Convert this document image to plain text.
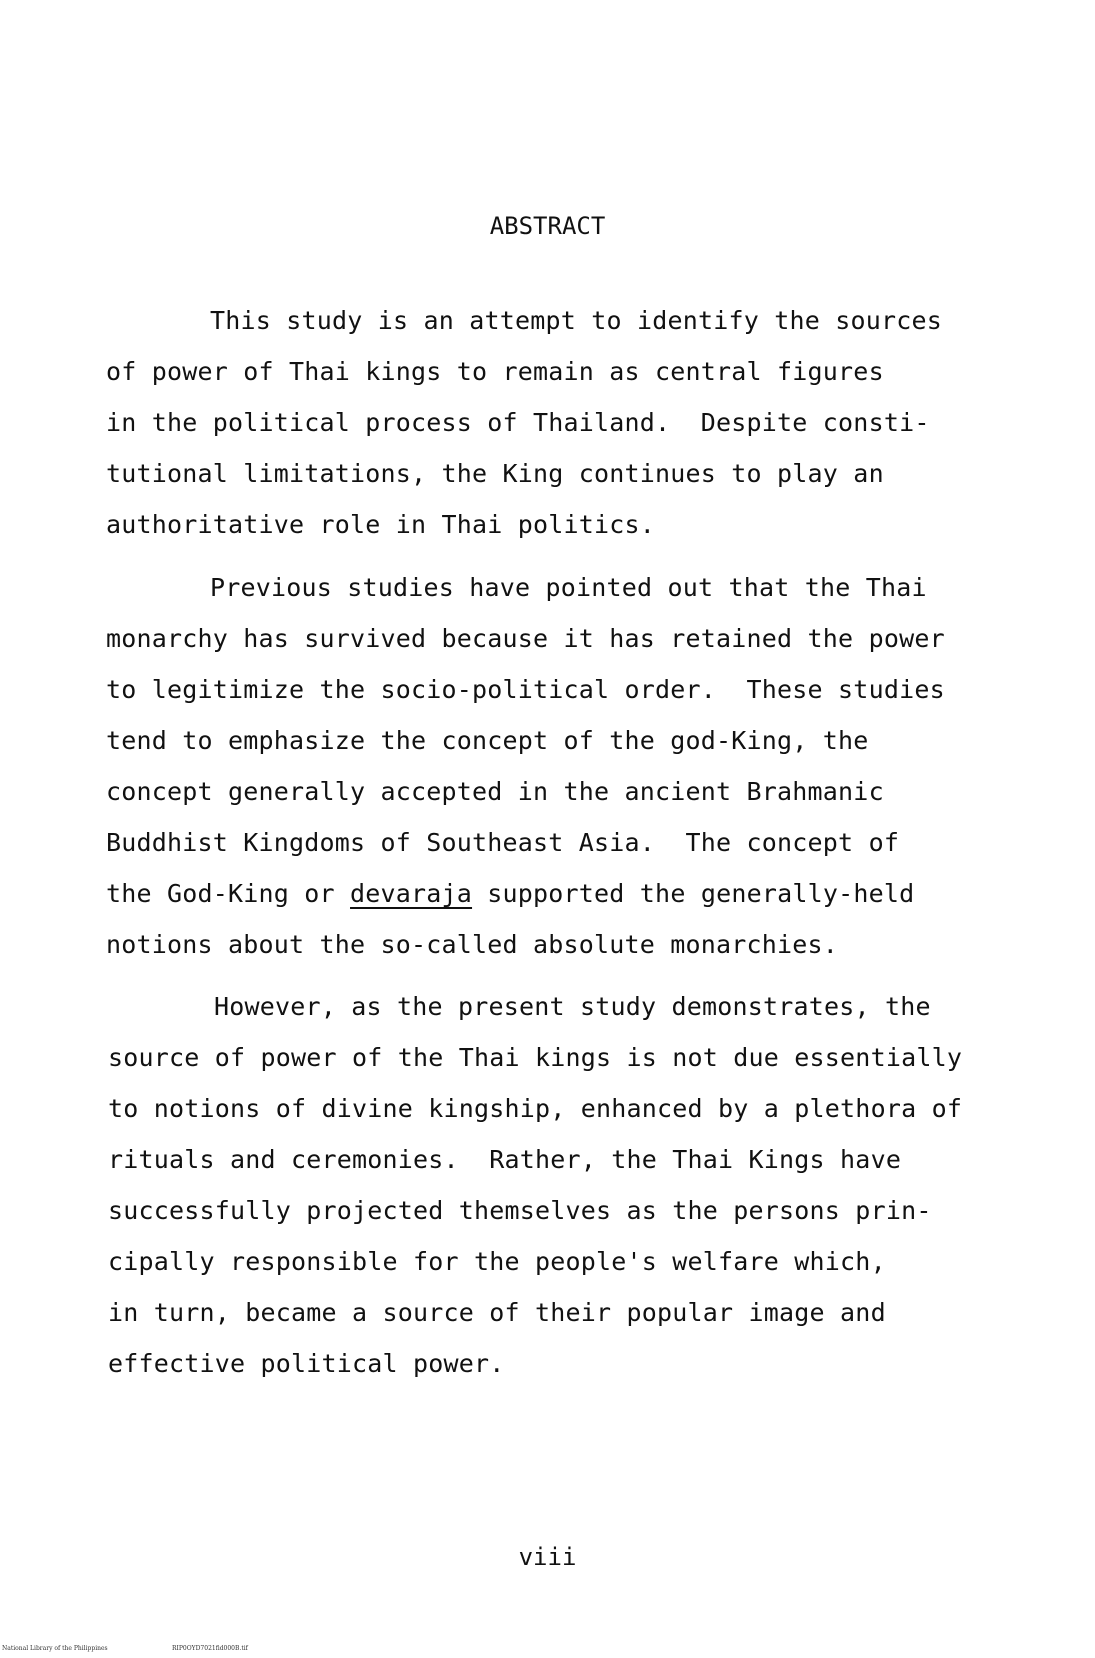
ABSTRACT
This study is an attempt to identify the sources
of power of Thai kings to remain as central figures
in the political process of Thailand.  Despite consti-
tutional limitations, the King continues to play an
authoritative role in Thai politics.
Previous studies have pointed out that the Thai
monarchy has survived because it has retained the power
to legitimize the socio-political order.  These studies
tend to emphasize the concept of the god-King, the
concept generally accepted in the ancient Brahmanic
Buddhist Kingdoms of Southeast Asia.  The concept of
the God-King or devaraja supported the generally-held
notions about the so-called absolute monarchies.
However, as the present study demonstrates, the
source of power of the Thai kings is not due essentially
to notions of divine kingship, enhanced by a plethora of
rituals and ceremonies.  Rather, the Thai Kings have
successfully projected themselves as the persons prin-
cipally responsible for the people's welfare which,
in turn, became a source of their popular image and
effective political power.
viii
National Library of the Philippines	RIP0OYD7021fid000B.tif
